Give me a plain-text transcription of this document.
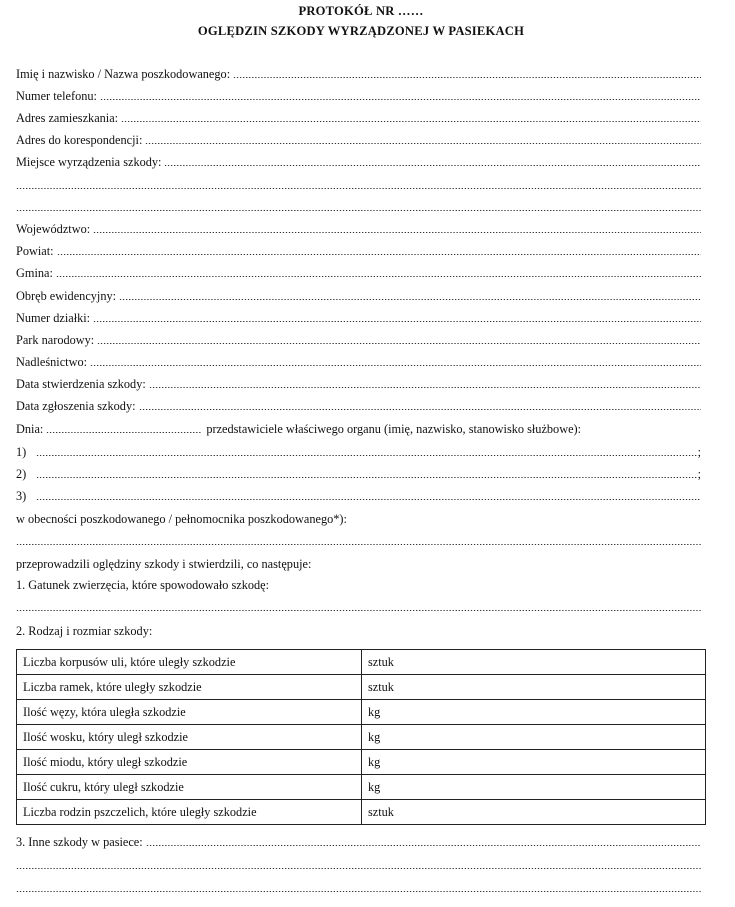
PROTOKÓŁ NR ……
OGLĘDZIN SZKODY WYRZĄDZONEJ W PASIEKACH
Imię i nazwisko / Nazwa poszkodowanego:
Numer telefonu:
Adres zamieszkania:
Adres do korespondencji:
Miejsce wyrządzenia szkody:
Województwo:
Powiat:
Gmina:
Obręb ewidencyjny:
Numer działki:
Park narodowy:
Nadleśnictwo:
Data stwierdzenia szkody:
Data zgłoszenia szkody:
Dnia:	przedstawiciele właściwego organu (imię, nazwisko, stanowisko służbowe):
1)	;
2)	;
3)
w obecności poszkodowanego / pełnomocnika poszkodowanego*):
przeprowadzili oględziny szkody i stwierdzili, co następuje:
1. Gatunek zwierzęcia, które spowodowało szkodę:
2. Rodzaj i rozmiar szkody:
Liczba korpusów uli, które uległy szkodzie	sztuk
Liczba ramek, które uległy szkodzie	sztuk
Ilość węzy, która uległa szkodzie	kg
Ilość wosku, który uległ szkodzie	kg
Ilość miodu, który uległ szkodzie	kg
Ilość cukru, który uległ szkodzie	kg
Liczba rodzin pszczelich, które uległy szkodzie	sztuk
3. Inne szkody w pasiece:
